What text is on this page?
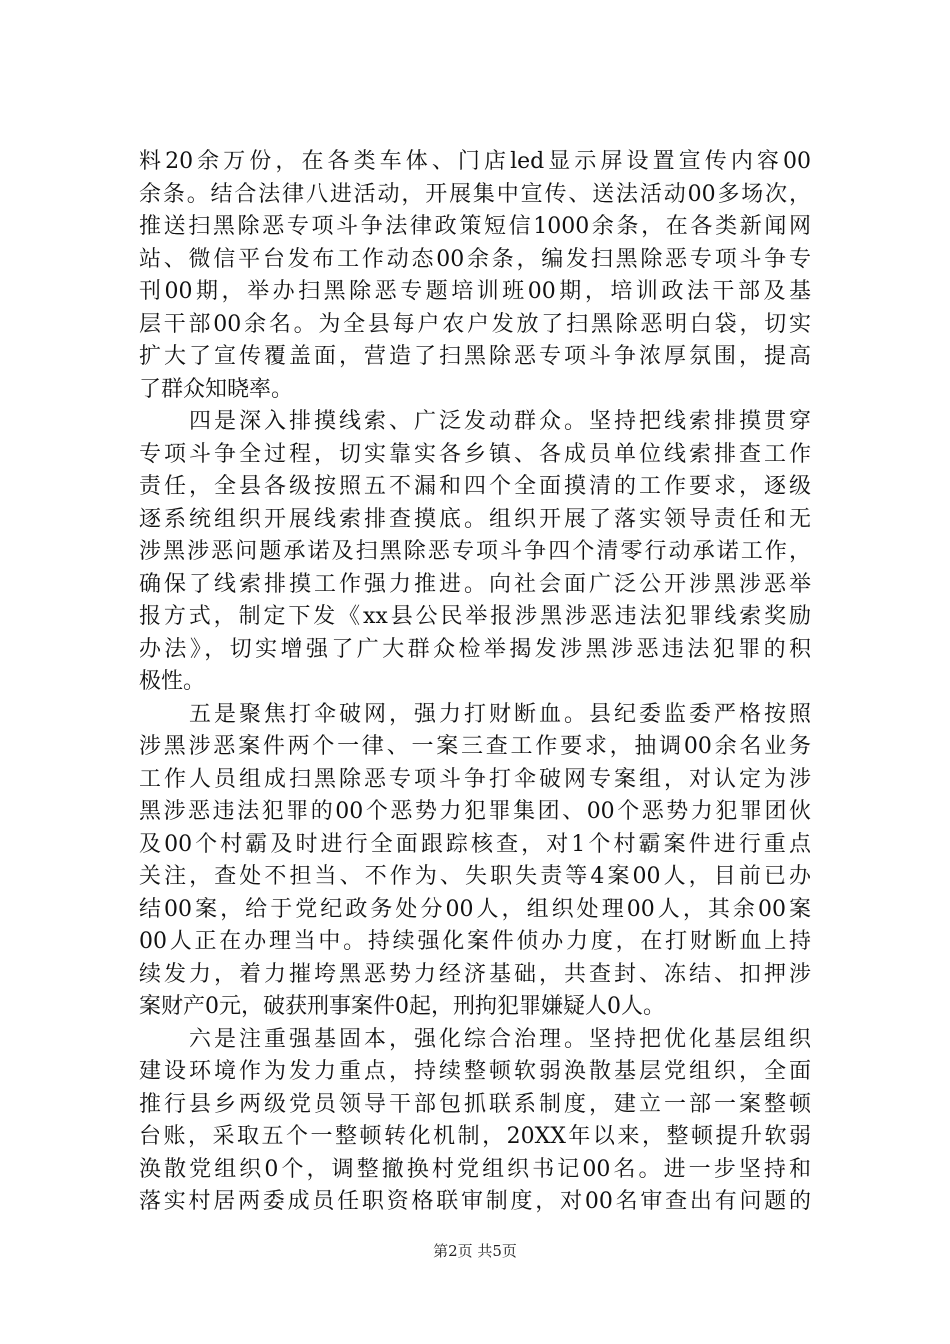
料20余万份，在各类车体、门店led显示屏设置宣传内容00
余条。结合法律八进活动，开展集中宣传、送法活动00多场次，
推送扫黑除恶专项斗争法律政策短信1000余条，在各类新闻网
站、微信平台发布工作动态00余条，编发扫黑除恶专项斗争专
刊00期，举办扫黑除恶专题培训班00期，培训政法干部及基
层干部00余名。为全县每户农户发放了扫黑除恶明白袋，切实
扩大了宣传覆盖面，营造了扫黑除恶专项斗争浓厚氛围，提高
了群众知晓率。
　　四是深入排摸线索、广泛发动群众。坚持把线索排摸贯穿
专项斗争全过程，切实靠实各乡镇、各成员单位线索排查工作
责任，全县各级按照五不漏和四个全面摸清的工作要求，逐级
逐系统组织开展线索排查摸底。组织开展了落实领导责任和无
涉黑涉恶问题承诺及扫黑除恶专项斗争四个清零行动承诺工作，
确保了线索排摸工作强力推进。向社会面广泛公开涉黑涉恶举
报方式，制定下发《xx县公民举报涉黑涉恶违法犯罪线索奖励
办法》，切实增强了广大群众检举揭发涉黑涉恶违法犯罪的积
极性。
　　五是聚焦打伞破网，强力打财断血。县纪委监委严格按照
涉黑涉恶案件两个一律、一案三查工作要求，抽调00余名业务
工作人员组成扫黑除恶专项斗争打伞破网专案组，对认定为涉
黑涉恶违法犯罪的00个恶势力犯罪集团、00个恶势力犯罪团伙
及00个村霸及时进行全面跟踪核查，对1个村霸案件进行重点
关注，查处不担当、不作为、失职失责等4案00人，目前已办
结00案，给于党纪政务处分00人，组织处理00人，其余00案
00人正在办理当中。持续强化案件侦办力度，在打财断血上持
续发力，着力摧垮黑恶势力经济基础，共查封、冻结、扣押涉
案财产0元，破获刑事案件0起，刑拘犯罪嫌疑人0人。
　　六是注重强基固本，强化综合治理。坚持把优化基层组织
建设环境作为发力重点，持续整顿软弱涣散基层党组织，全面
推行县乡两级党员领导干部包抓联系制度，建立一部一案整顿
台账，采取五个一整顿转化机制，20XX年以来，整顿提升软弱
涣散党组织0个，调整撤换村党组织书记00名。进一步坚持和
落实村居两委成员任职资格联审制度，对00名审查出有问题的
第2页 共5页
